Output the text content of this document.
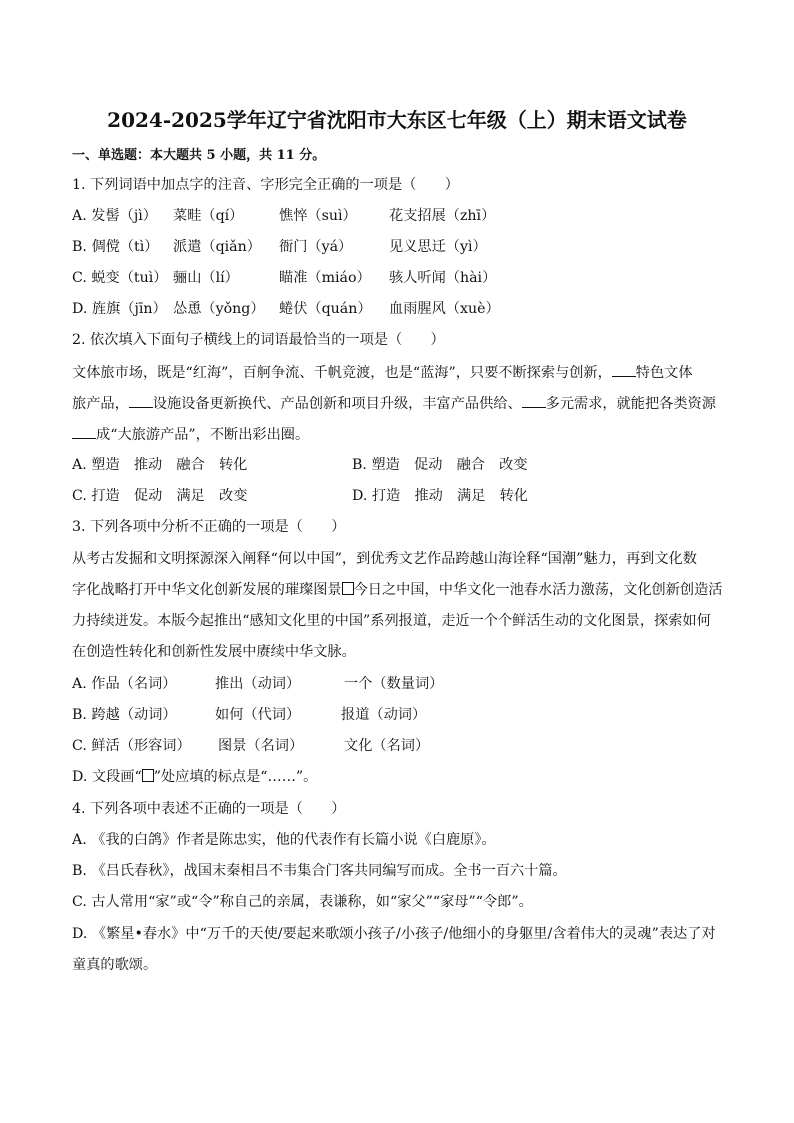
2024-2025学年辽宁省沈阳市大东区七年级（上）期末语文试卷
一、单选题：本大题共 5 小题，共 11 分。
1. 下列词语中加点字的注音、字形完全正确的一项是（　　）
A. 发髻（jì） 菜畦（qí）	憔悴（suì） 花支招展（zhī）
B. 倜傥（tì） 派遣（qiǎn） 衙门（yá）	见义思迁（yì）
C. 蜕变（tuì） 骊山（lí）	瞄准（miáo） 骇人听闻（hài）
D. 旌旗（jīn） 怂恿（yǒng） 蜷伏（quán） 血雨腥风（xuè）
2. 依次填入下面句子横线上的词语最恰当的一项是（　　）
文体旅市场，既是“红海”，百舸争流、千帆竞渡，也是“蓝海”，只要不断探索与创新， 特色文体
旅产品， 设施设备更新换代、产品创新和项目升级，丰富产品供给、 多元需求，就能把各类资源
成“大旅游产品”，不断出彩出圈。
A. 塑造　推动　融合　转化	B. 塑造　促动　融合　改变
C. 打造　促动　满足　改变	D. 打造　推动　满足　转化
3. 下列各项中分析不正确的一项是（　　）
从考古发掘和文明探源深入阐释“何以中国”，到优秀文艺作品跨越山海诠释“国潮”魅力，再到文化数
字化战略打开中华文化创新发展的璀璨图景 今日之中国，中华文化一池春水活力激荡，文化创新创造活
力持续迸发。本版今起推出“感知文化里的中国”系列报道，走近一个个鲜活生动的文化图景，探索如何
在创造性转化和创新性发展中赓续中华文脉。
A. 作品（名词）	推出（动词）	一个（数量词）
B. 跨越（动词）	如何（代词）	报道（动词）
C. 鲜活（形容词） 图景（名词）	文化（名词）
D. 文段画“ ”处应填的标点是“……”。
4. 下列各项中表述不正确的一项是（　　）
A. 《我的白鸽》作者是陈忠实，他的代表作有长篇小说《白鹿原》。
B. 《吕氏春秋》，战国末秦相吕不韦集合门客共同编写而成。全书一百六十篇。
C. 古人常用“家”或“令”称自己的亲属，表谦称，如“家父”“家母”“令郎”。
D. 《繁星•春水》中“万千的天使/要起来歌颂小孩子/小孩子/他细小的身躯里/含着伟大的灵魂”表达了对
童真的歌颂。
